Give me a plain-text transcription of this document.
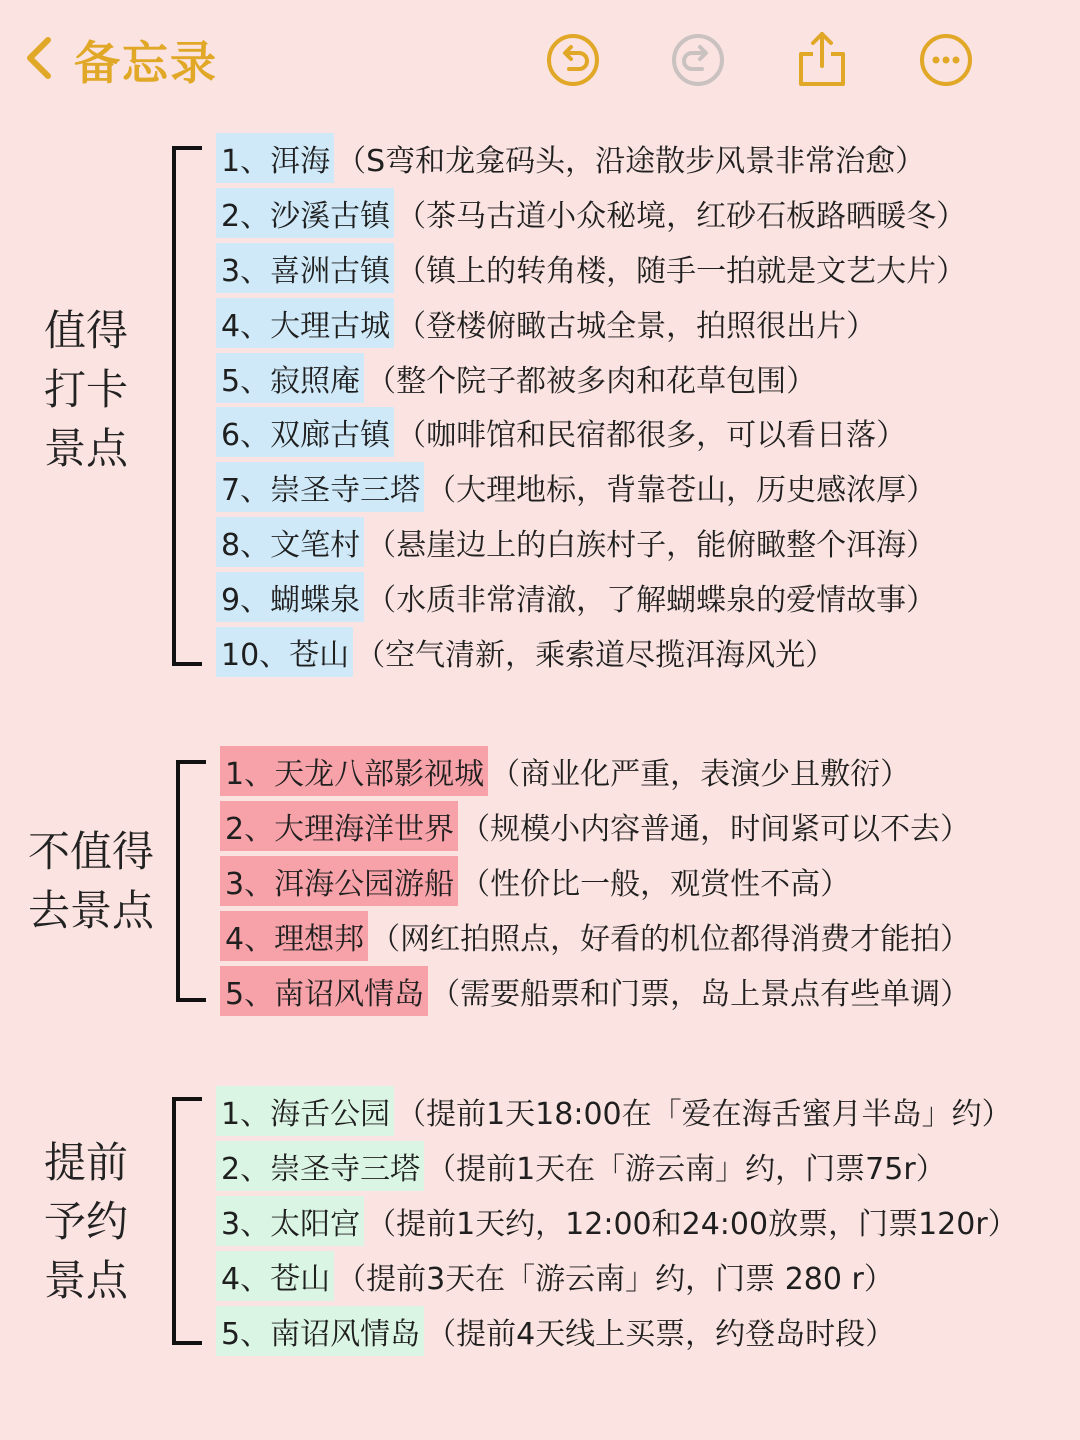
备忘录
值得
打卡
景点
1、洱海 （S弯和龙龛码头，沿途散步风景非常治愈）
2、沙溪古镇 （茶马古道小众秘境，红砂石板路晒暖冬）
3、喜洲古镇 （镇上的转角楼，随手一拍就是文艺大片）
4、大理古城 （登楼俯瞰古城全景，拍照很出片）
5、寂照庵 （整个院子都被多肉和花草包围）
6、双廊古镇 （咖啡馆和民宿都很多，可以看日落）
7、崇圣寺三塔 （大理地标，背靠苍山，历史感浓厚）
8、文笔村 （悬崖边上的白族村子，能俯瞰整个洱海）
9、蝴蝶泉 （水质非常清澈，了解蝴蝶泉的爱情故事）
10、苍山 （空气清新，乘索道尽揽洱海风光）
不值得
去景点
1、天龙八部影视城 （商业化严重，表演少且敷衍）
2、大理海洋世界 （规模小内容普通，时间紧可以不去）
3、洱海公园游船 （性价比一般，观赏性不高）
4、理想邦 （网红拍照点，好看的机位都得消费才能拍）
5、南诏风情岛 （需要船票和门票，岛上景点有些单调）
提前
予约
景点
1、海舌公园 （提前1天18:00在「爱在海舌蜜月半岛」约）
2、崇圣寺三塔 （提前1天在「游云南」约，门票75r）
3、太阳宫 （提前1天约，12:00和24:00放票，门票120r）
4、苍山 （提前3天在「游云南」约，门票 280 r）
5、南诏风情岛 （提前4天线上买票，约登岛时段）
